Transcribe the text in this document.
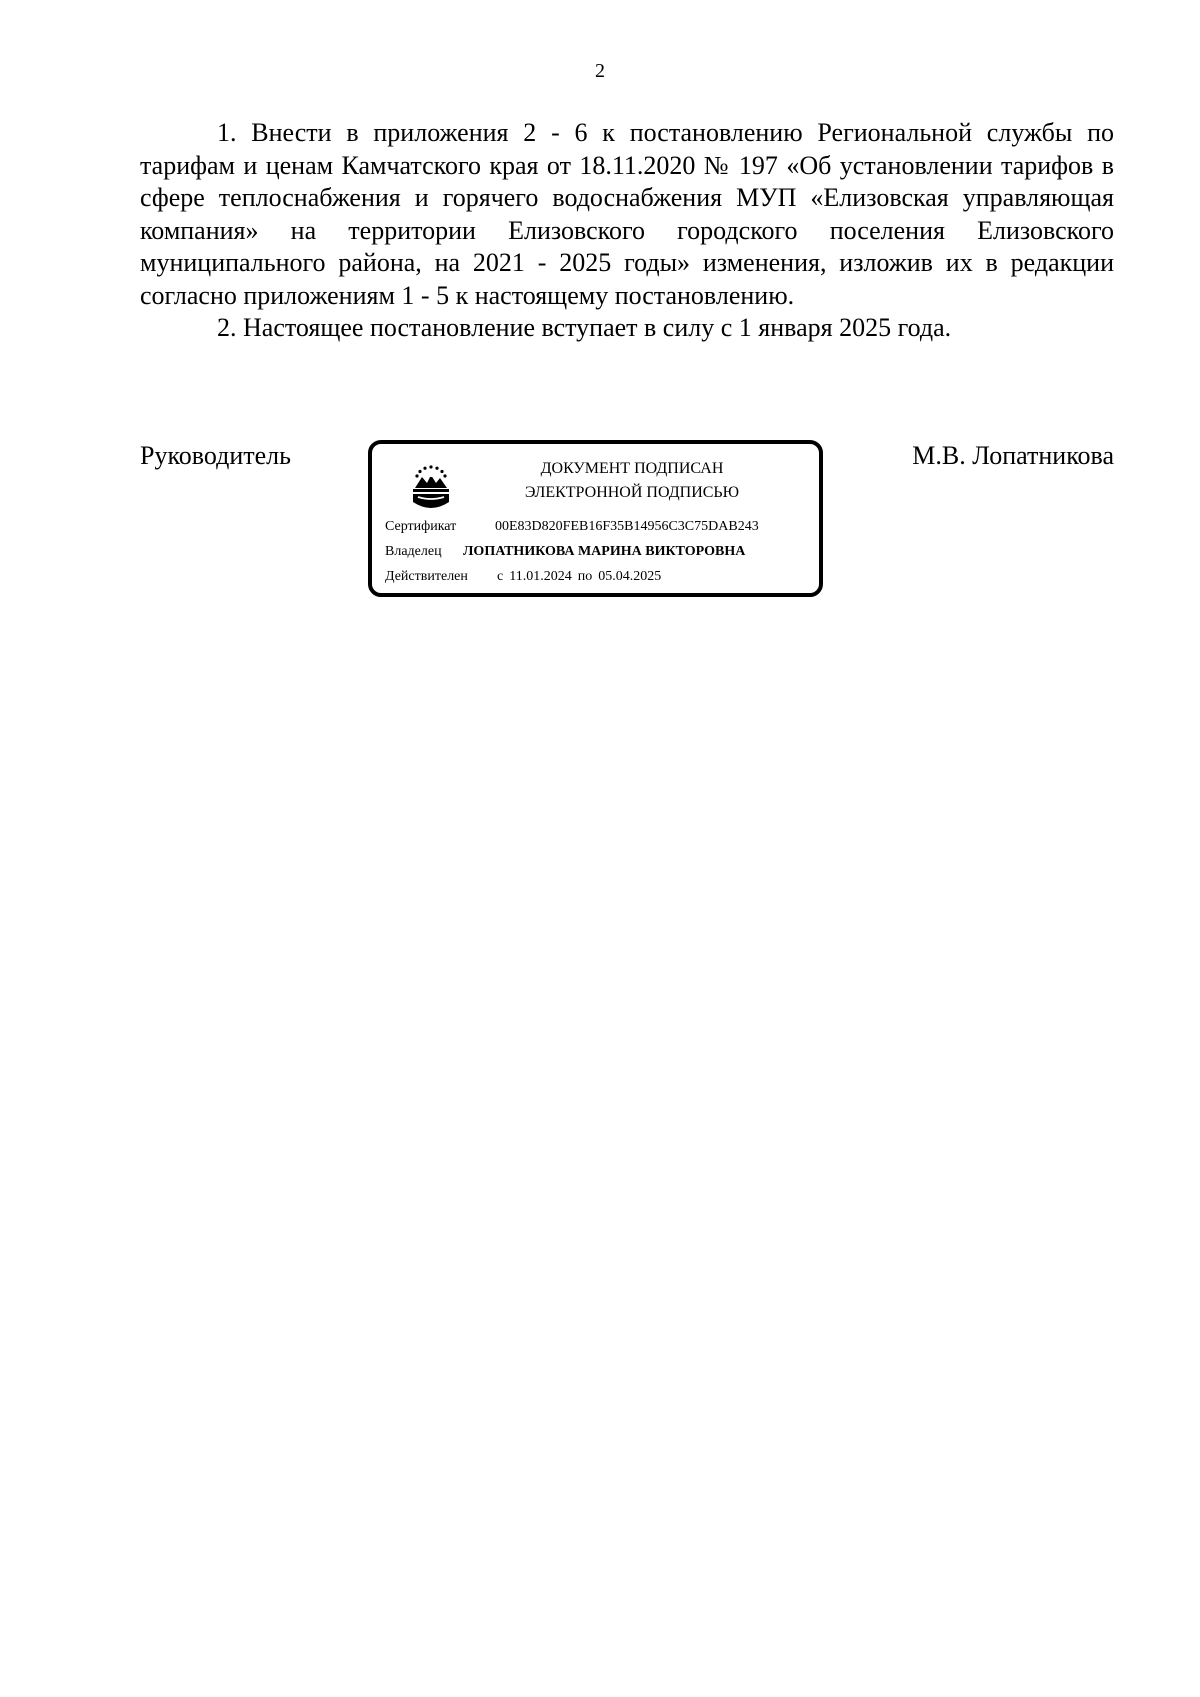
2

1. Внести в приложения 2 - 6 к постановлению Региональной службы по тарифам и ценам Камчатского края от 18.11.2020 № 197 «Об установлении тарифов в сфере теплоснабжения и горячего водоснабжения МУП «Елизовская управляющая компания» на территории Елизовского городского поселения Елизовского муниципального района, на 2021 - 2025 годы» изменения, изложив их в редакции согласно приложениям 1 - 5 к настоящему постановлению.

2. Настоящее постановление вступает в силу с 1 января 2025 года.

Руководитель	ДОКУМЕНТ ПОДПИСАН
ЭЛЕКТРОННОЙ ПОДПИСЬЮ
Сертификат	00E83D820FEB16F35B14956C3C75DAB243
Владелец ЛОПАТНИКОВА МАРИНА ВИКТОРОВНА
Действителен с 11.01.2024 по 05.04.2025
М.В. Лопатникова
